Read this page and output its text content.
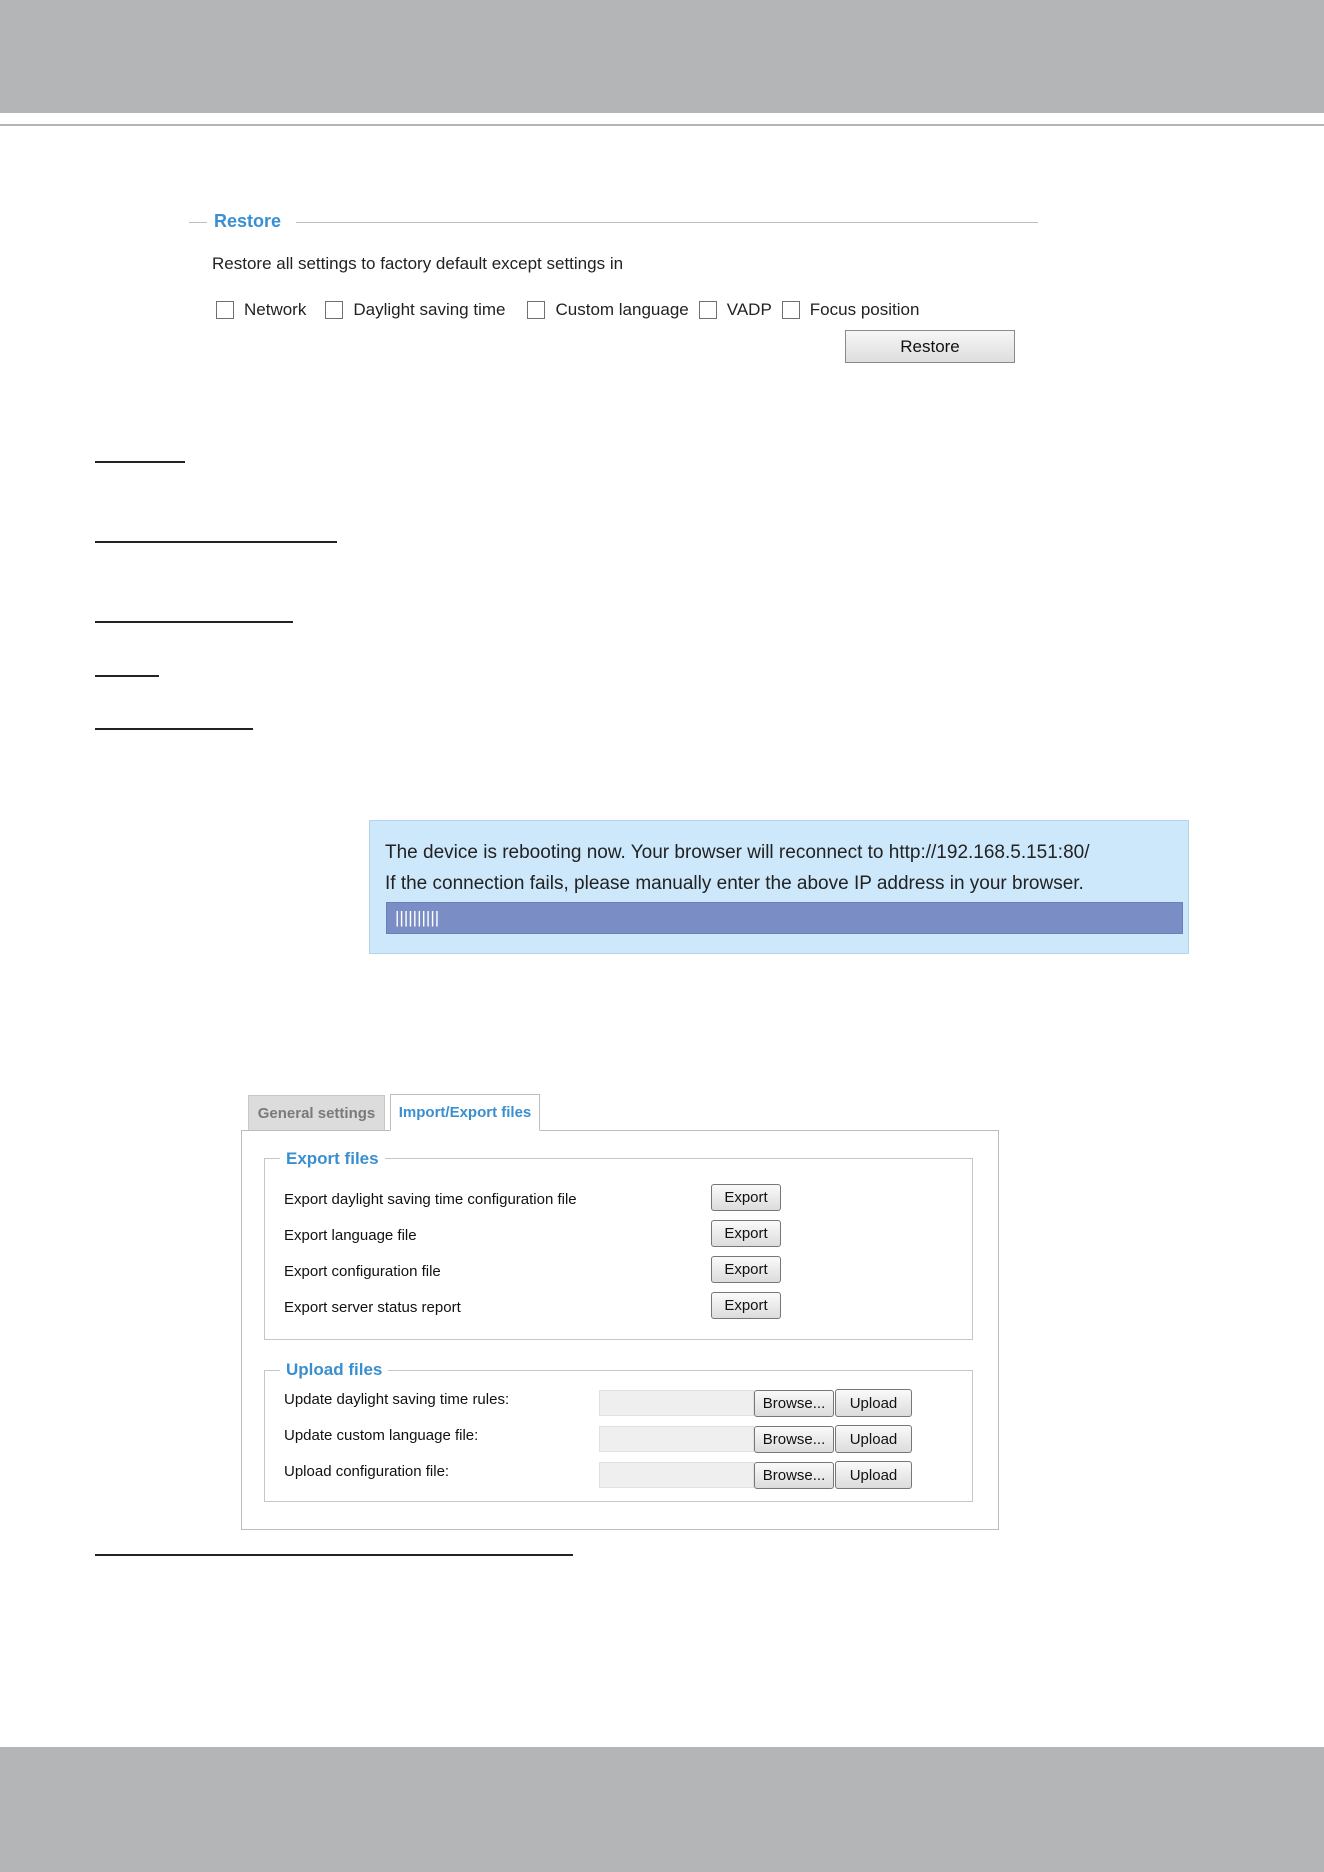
Restore
Restore all settings to factory default except settings in
Network	Daylight saving time	Custom language VADP Focus position
Restore
The device is rebooting now. Your browser will reconnect to http://192.168.5.151:80/
If the connection fails, please manually enter the above IP address in your browser.
||||||||||
General settings	Import/Export files
Export files
Export daylight saving time configuration file	Export
Export language file	Export
Export configuration file	Export
Export server status report	Export
Upload files
Update daylight saving time rules:	Browse...	Upload
Update custom language file:	Browse...	Upload
Upload configuration file:	Browse...	Upload
